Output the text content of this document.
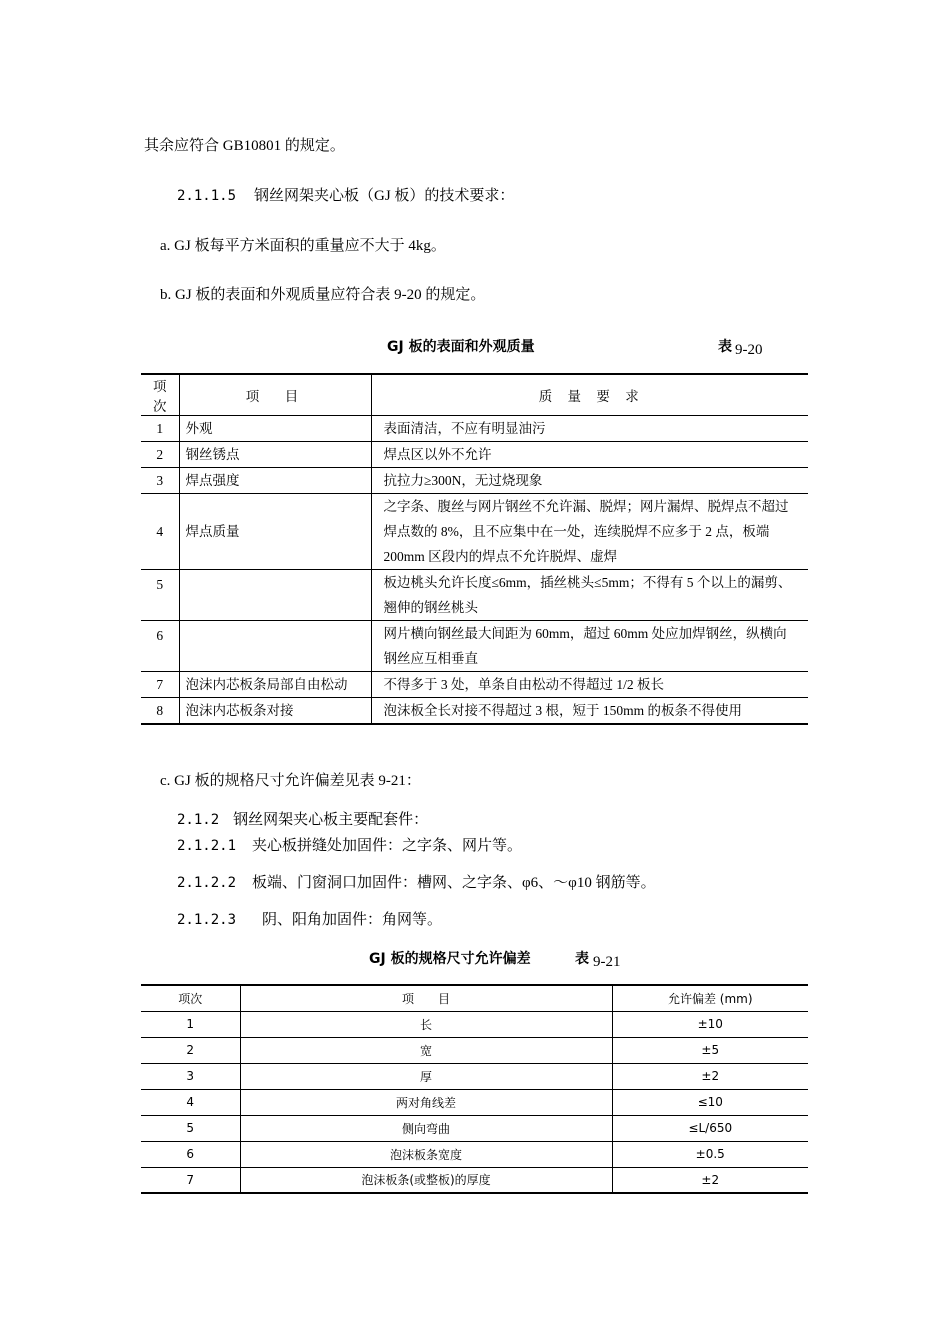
其余应符合 GB10801 的规定。
2.1.1.5 钢丝网架夹心板（GJ 板）的技术要求：
a. GJ 板每平方米面积的重量应不大于 4kg。
b. GJ 板的表面和外观质量应符合表 9-20 的规定。
GJ 板的表面和外观质量	表 9-20
项次	项　目	质 量 要 求
1	外观	表面清洁，不应有明显油污
2	钢丝锈点	焊点区以外不允许
3	焊点强度	抗拉力≥300N，无过烧现象
4	焊点质量	之字条、腹丝与网片钢丝不允许漏、脱焊；网片漏焊、脱焊点不超过焊点数的 8%，且不应集中在一处，连续脱焊不应多于 2 点，板端 200mm 区段内的焊点不允许脱焊、虚焊
5		板边桃头允许长度≤6mm，插丝桃头≤5mm；不得有 5 个以上的漏剪、翘伸的钢丝桃头
6		网片横向钢丝最大间距为 60mm，超过 60mm 处应加焊钢丝，纵横向钢丝应互相垂直
7	泡沫内芯板条局部自由松动	不得多于 3 处，单条自由松动不得超过 1/2 板长
8	泡沫内芯板条对接	泡沫板全长对接不得超过 3 根，短于 150mm 的板条不得使用
c. GJ 板的规格尺寸允许偏差见表 9-21：
2.1.2 钢丝网架夹心板主要配套件：
2.1.2.1 夹心板拼缝处加固件：之字条、网片等。
2.1.2.2 板端、门窗洞口加固件：槽网、之字条、φ6、～φ10 钢筋等。
2.1.2.3 阴、阳角加固件：角网等。
GJ 板的规格尺寸允许偏差	表 9-21
项次	项　　目	允许偏差 (mm)
1	长	±10
2	宽	±5
3	厚	±2
4	两对角线差	≤10
5	侧向弯曲	≤L/650
6	泡沫板条宽度	±0.5
7	泡沫板条(或整板)的厚度	±2
